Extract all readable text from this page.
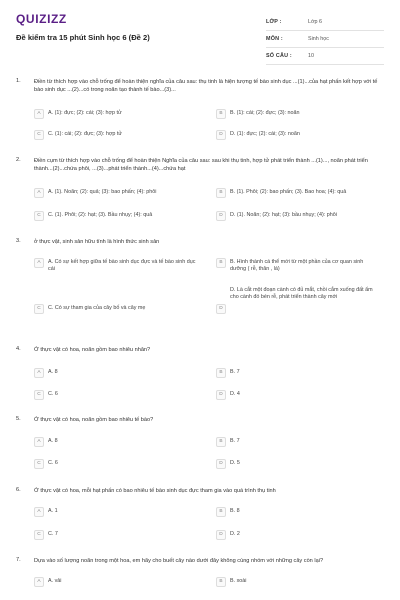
QUIZIZZ
Đề kiểm tra 15 phút Sinh học 6 (Đề 2)
LỚP :	Lớp 6
MÔN :	Sinh học
SỐ CÂU :	10
1. Điền từ thích hợp vào chỗ trống để hoàn thiện nghĩa của câu sau: thụ tinh là hiện tượng tế bào sinh dục ...(1)...của hạt phấn kết hợp với tế bào sinh dục ...(2)...có trong noãn tạo thành tế bào...(3)...
A	A. (1): đực; (2): cái; (3): hợp tử	B	B. (1): cái; (2): đực; (3): noãn
C	C. (1): cái; (2): đực; (3): hợp tử	D	D. (1): đực; (2): cái; (3): noãn
2. Điền cụm từ thích hợp vào chỗ trống để hoàn thiện Nghĩa của câu sau: sau khi thụ tinh, hợp tử phát triển thành ...(1)..., noãn phát triển thành...(2)...chứa phôi, ...(3)...phát triển thành...(4)...chứa hạt
A	A. (1). Noãn; (2): quả; (3): bao phấn; (4): phôi	B	B. (1). Phôi; (2): bao phấn; (3). Bao hoa; (4): quả
C	C. (1). Phôi; (2): hạt; (3). Bầu nhụy; (4): quả	D	D. (1). Noãn; (2): hạt; (3): bầu nhụy; (4): phôi
3. ở thực vật, sinh sản hữu tính là hình thức sinh sản
A	A. Có sự kết hợp giữa tế bào sinh dục đực và tế bào sinh dục cái
B	B. Hình thành cá thể mới từ một phần của cơ quan sinh dưỡng ( rễ, thân , lá)
C	C. Có sự tham gia của cây bố và cây mẹ	D
D. Là cắt một đoạn cành có đủ mắt, chồi cắm xuống đất ẩm cho cành đó bén rễ, phát triển thành cây mới
4. Ở thực vật có hoa, noãn gồm bao nhiêu nhân?
A	A. 8	B	B. 7
C	C. 6	D	D. 4
5. Ở thực vật có hoa, noãn gồm bao nhiêu tế bào?
A	A. 8	B	B. 7
C	C. 6	D	D. 5
6. Ở thực vật có hoa, mỗi hạt phấn có bao nhiêu tế bào sinh dục đực tham gia vào quá trình thụ tinh
A	A. 1	B	B. 8
C	C. 7	D	D. 2
7. Dựa vào số lượng noãn trong một hoa, em hãy cho buết cây nào dưới đây không cùng nhóm với những cây còn lại?
A	A. vải	B	B. xoài
